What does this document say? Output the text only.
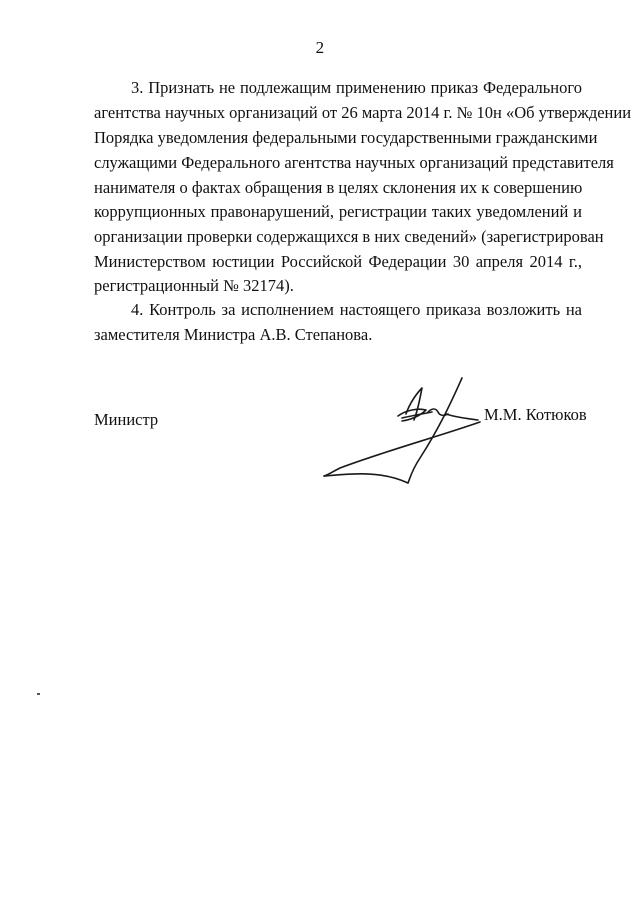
2
3. Признать не подлежащим применению приказ Федерального
агентства научных организаций от 26 марта 2014 г. № 10н «Об утверждении
Порядка уведомления федеральными государственными гражданскими
служащими Федерального агентства научных организаций представителя
нанимателя о фактах обращения в целях склонения их к совершению
коррупционных правонарушений, регистрации таких уведомлений и
организации проверки содержащихся в них сведений» (зарегистрирован
Министерством юстиции Российской Федерации 30 апреля 2014 г.,
регистрационный № 32174).
4. Контроль за исполнением настоящего приказа возложить на
заместителя Министра А.В. Степанова.
Министр	М.М. Котюков
